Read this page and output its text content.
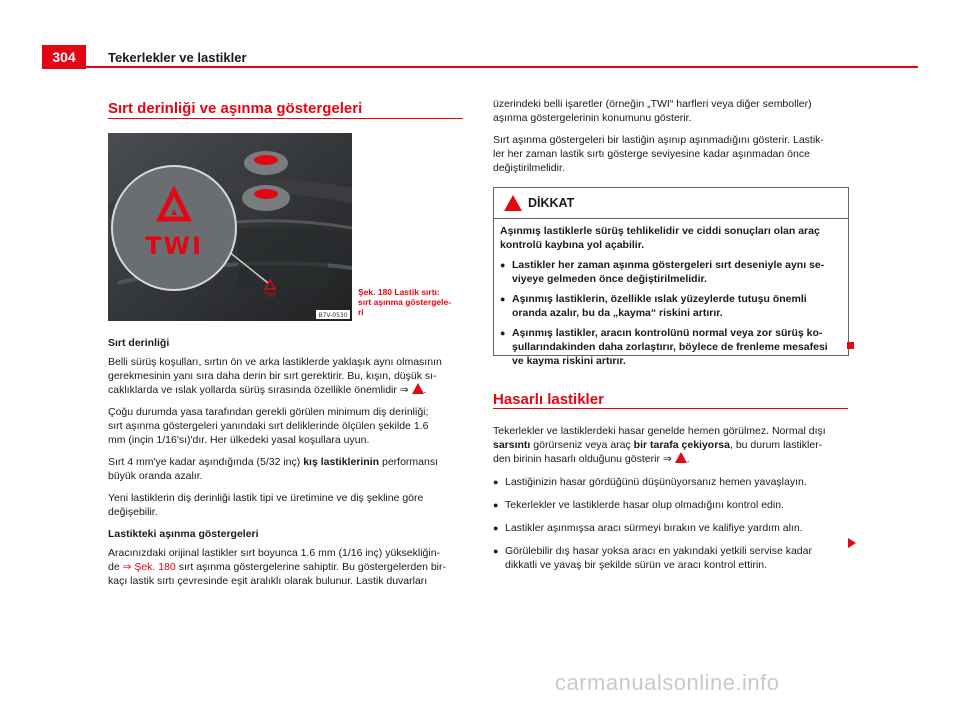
304	Tekerlekler ve lastikler
Sırt derinliği ve aşınma göstergeleri
TWI
TWI
B7V-0530
Şek. 180 Lastik sırtı:
sırt aşınma göstergele-
ri

Sırt derinliği

Belli sürüş koşulları, sırtın ön ve arka lastiklerde yaklaşık aynı olmasının

gerekmesinin yanı sıra daha derin bir sırt gerektirir. Bu, kışın, düşük sı-

caklıklarda ve ıslak yollarda sürüş sırasında özellikle önemlidir ⇒ .

Çoğu durumda yasa tarafından gerekli görülen minimum diş derinliği;

sırt aşınma göstergeleri yanındaki sırt deliklerinde ölçülen şekilde 1.6

mm (inçin 1/16'sı)'dır. Her ülkedeki yasal koşullara uyun.

Sırt 4 mm'ye kadar aşındığında (5/32 inç) kış lastiklerinin performansı

büyük oranda azalır.

Yeni lastiklerin diş derinliği lastik tipi ve üretimine ve diş şekline göre

değişebilir.

Lastikteki aşınma göstergeleri

Aracınızdaki orijinal lastikler sırt boyunca 1.6 mm (1/16 inç) yüksekliğin-

de ⇒ Şek. 180 sırt aşınma göstergelerine sahiptir. Bu göstergelerden bir-

kaçı lastik sırtı çevresinde eşit aralıklı olarak bulunur. Lastik duvarları

üzerindeki belli işaretler (örneğin „TWI“ harfleri veya diğer semboller)

aşınma göstergelerinin konumunu gösterir.

Sırt aşınma göstergeleri bir lastiğin aşınıp aşınmadığını gösterir. Lastik-

ler her zaman lastik sırtı gösterge seviyesine kadar aşınmadan önce

değiştirilmelidir.

DİKKAT
Aşınmış lastiklerle sürüş tehlikelidir ve ciddi sonuçları olan araç
kontrolü kaybına yol açabilir.
● Lastikler her zaman aşınma göstergeleri sırt deseniyle aynı se-
viyeye gelmeden önce değiştirilmelidir.
● Aşınmış lastiklerin, özellikle ıslak yüzeylerde tutuşu önemli
oranda azalır, bu da „kayma“ riskini artırır.
● Aşınmış lastikler, aracın kontrolünü normal veya zor sürüş ko-
şullarındakinden daha zorlaştırır, böylece de frenleme mesafesi
ve kayma riskini artırır.
Hasarlı lastikler

Tekerlekler ve lastiklerdeki hasar genelde hemen görülmez. Normal dışı

sarsıntı görürseniz veya araç bir tarafa çekiyorsa, bu durum lastikler-

den birinin hasarlı olduğunu gösterir ⇒ .

● Lastiğinizin hasar gördüğünü düşünüyorsanız hemen yavaşlayın.

● Tekerlekler ve lastiklerde hasar olup olmadığını kontrol edin.

● Lastikler aşınmışsa aracı sürmeyi bırakın ve kalifiye yardım alın.

● Görülebilir dış hasar yoksa aracı en yakındaki yetkili servise kadar
dikkatli ve yavaş bir şekilde sürün ve aracı kontrol ettirin.

carmanualsonline.info
